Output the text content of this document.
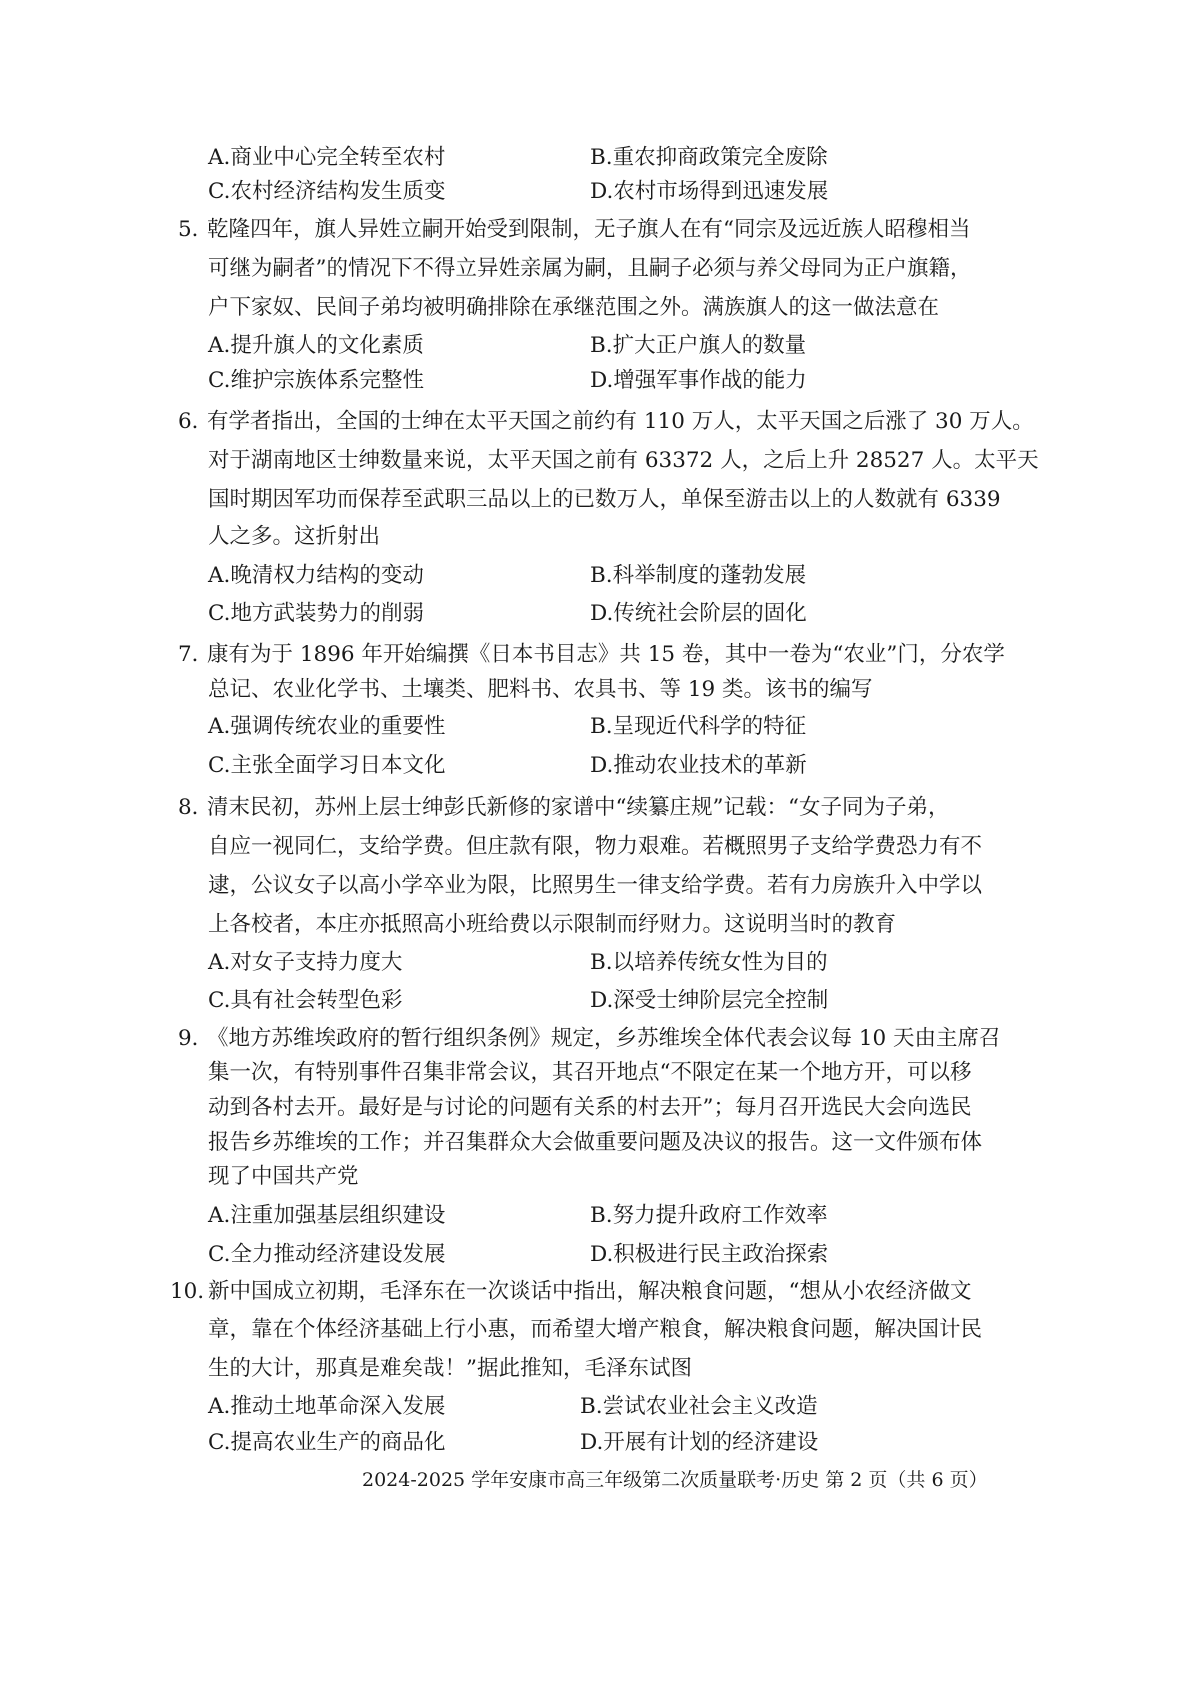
A.商业中心完全转至农村	B.重农抑商政策完全废除
C.农村经济结构发生质变	D.农村市场得到迅速发展
5．
乾隆四年，旗人异姓立嗣开始受到限制，无子旗人在有“同宗及远近族人昭穆相当
可继为嗣者”的情况下不得立异姓亲属为嗣，且嗣子必须与养父母同为正户旗籍，
户下家奴、民间子弟均被明确排除在承继范围之外。满族旗人的这一做法意在
A.提升旗人的文化素质	B.扩大正户旗人的数量
C.维护宗族体系完整性	D.增强军事作战的能力
6．
有学者指出，全国的士绅在太平天国之前约有 110 万人，太平天国之后涨了 30 万人。
对于湖南地区士绅数量来说，太平天国之前有 63372 人，之后上升 28527 人。太平天
国时期因军功而保荐至武职三品以上的已数万人，单保至游击以上的人数就有 6339
人之多。这折射出
A.晚清权力结构的变动	B.科举制度的蓬勃发展
C.地方武装势力的削弱	D.传统社会阶层的固化
7．
康有为于 1896 年开始编撰《日本书目志》共 15 卷，其中一卷为“农业”门，分农学
总记、农业化学书、土壤类、肥料书、农具书、等 19 类。该书的编写
A.强调传统农业的重要性	B.呈现近代科学的特征
C.主张全面学习日本文化	D.推动农业技术的革新
8．
清末民初，苏州上层士绅彭氏新修的家谱中“续纂庄规”记载：“女子同为子弟，
自应一视同仁，支给学费。但庄款有限，物力艰难。若概照男子支给学费恐力有不
逮，公议女子以高小学卒业为限，比照男生一律支给学费。若有力房族升入中学以
上各校者，本庄亦抵照高小班给费以示限制而纾财力。这说明当时的教育
A.对女子支持力度大	B.以培养传统女性为目的
C.具有社会转型色彩	D.深受士绅阶层完全控制
9．
《地方苏维埃政府的暂行组织条例》规定，乡苏维埃全体代表会议每 10 天由主席召
集一次，有特别事件召集非常会议，其召开地点“不限定在某一个地方开，可以移
动到各村去开。最好是与讨论的问题有关系的村去开”；每月召开选民大会向选民
报告乡苏维埃的工作；并召集群众大会做重要问题及决议的报告。这一文件颁布体
现了中国共产党
A.注重加强基层组织建设	B.努力提升政府工作效率
C.全力推动经济建设发展	D.积极进行民主政治探索
10．
新中国成立初期，毛泽东在一次谈话中指出，解决粮食问题，“想从小农经济做文
章，靠在个体经济基础上行小惠，而希望大增产粮食，解决粮食问题，解决国计民
生的大计，那真是难矣哉！”据此推知，毛泽东试图
A.推动土地革命深入发展	B.尝试农业社会主义改造
C.提高农业生产的商品化	D.开展有计划的经济建设
2024-2025 学年安康市高三年级第二次质量联考·历史 第 2 页（共 6 页）
